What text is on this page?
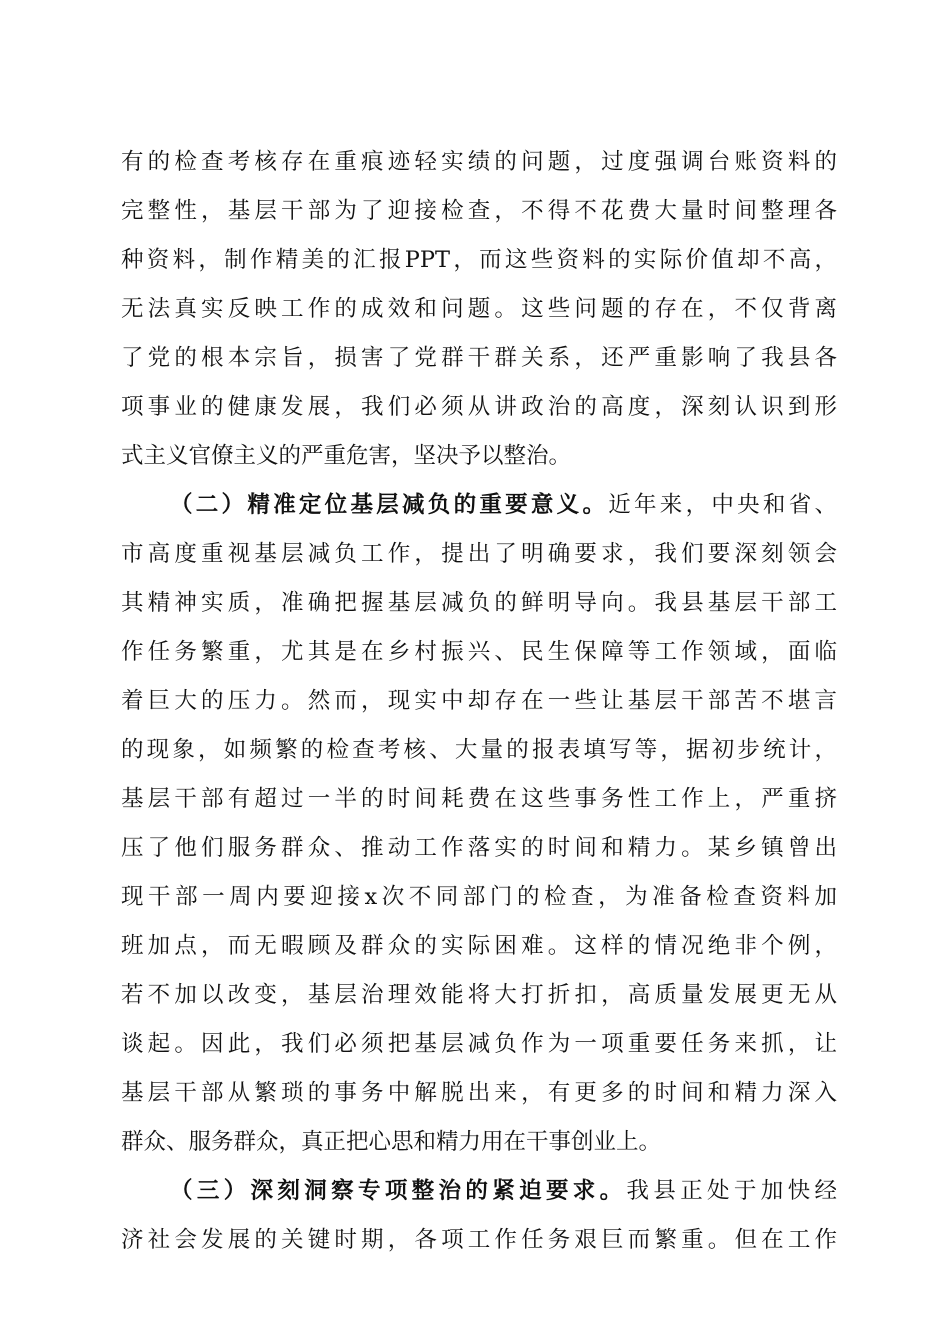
有的检查考核存在重痕迹轻实绩的问题，过度强调台账资料的
完整性，基层干部为了迎接检查，不得不花费大量时间整理各
种资料，制作精美的汇报PPT，而这些资料的实际价值却不高，
无法真实反映工作的成效和问题。这些问题的存在，不仅背离
了党的根本宗旨，损害了党群干群关系，还严重影响了我县各
项事业的健康发展，我们必须从讲政治的高度，深刻认识到形
式主义官僚主义的严重危害，坚决予以整治。
（二）精准定位基层减负的重要意义。近年来，中央和省、
市高度重视基层减负工作，提出了明确要求，我们要深刻领会
其精神实质，准确把握基层减负的鲜明导向。我县基层干部工
作任务繁重，尤其是在乡村振兴、民生保障等工作领域，面临
着巨大的压力。然而，现实中却存在一些让基层干部苦不堪言
的现象，如频繁的检查考核、大量的报表填写等，据初步统计，
基层干部有超过一半的时间耗费在这些事务性工作上，严重挤
压了他们服务群众、推动工作落实的时间和精力。某乡镇曾出
现干部一周内要迎接x次不同部门的检查，为准备检查资料加
班加点，而无暇顾及群众的实际困难。这样的情况绝非个例，
若不加以改变，基层治理效能将大打折扣，高质量发展更无从
谈起。因此，我们必须把基层减负作为一项重要任务来抓，让
基层干部从繁琐的事务中解脱出来，有更多的时间和精力深入
群众、服务群众，真正把心思和精力用在干事创业上。
（三）深刻洞察专项整治的紧迫要求。我县正处于加快经
济社会发展的关键时期，各项工作任务艰巨而繁重。但在工作
